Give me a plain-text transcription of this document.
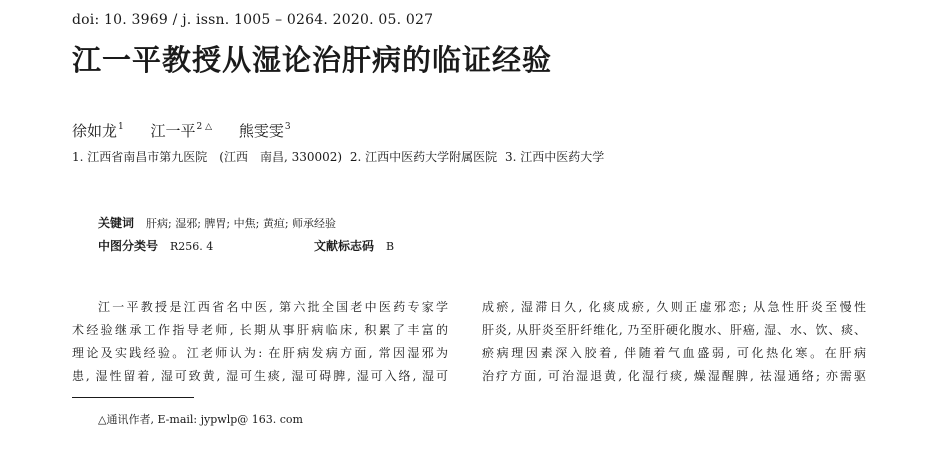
doi: 10. 3969 / j. issn. 1005 – 0264. 2020. 05. 027
江一平教授从湿论治肝病的临证经验
徐如龙$^1$ 江一平$^{2 \triangle}$ 熊雯雯$^3$
1. 江西省南昌市第九医院　(江西　南昌, 330002) 2. 江西中医药大学附属医院 3. 江西中医药大学
关键词 肝病; 湿邪; 脾胃; 中焦; 黄疸; 师承经验
中图分类号 R256. 4	文献标志码 B
江一平教授是江西省名中医, 第六批全国老中医药专家学
术经验继承工作指导老师, 长期从事肝病临床, 积累了丰富的
理论及实践经验。江老师认为: 在肝病发病方面, 常因湿邪为
患, 湿性留着, 湿可致黄, 湿可生痰, 湿可碍脾, 湿可入络, 湿可
成瘀, 湿滞日久, 化痰成瘀, 久则正虚邪恋; 从急性肝炎至慢性
肝炎, 从肝炎至肝纤维化, 乃至肝硬化腹水、肝癌, 湿、水、饮、痰、
瘀病理因素深入胶着, 伴随着气血盛弱, 可化热化寒。在肝病
治疗方面, 可治湿退黄, 化湿行痰, 燥湿醒脾, 祛湿通络; 亦需驱
△通讯作者, E-mail: jypwlp@ 163. com
